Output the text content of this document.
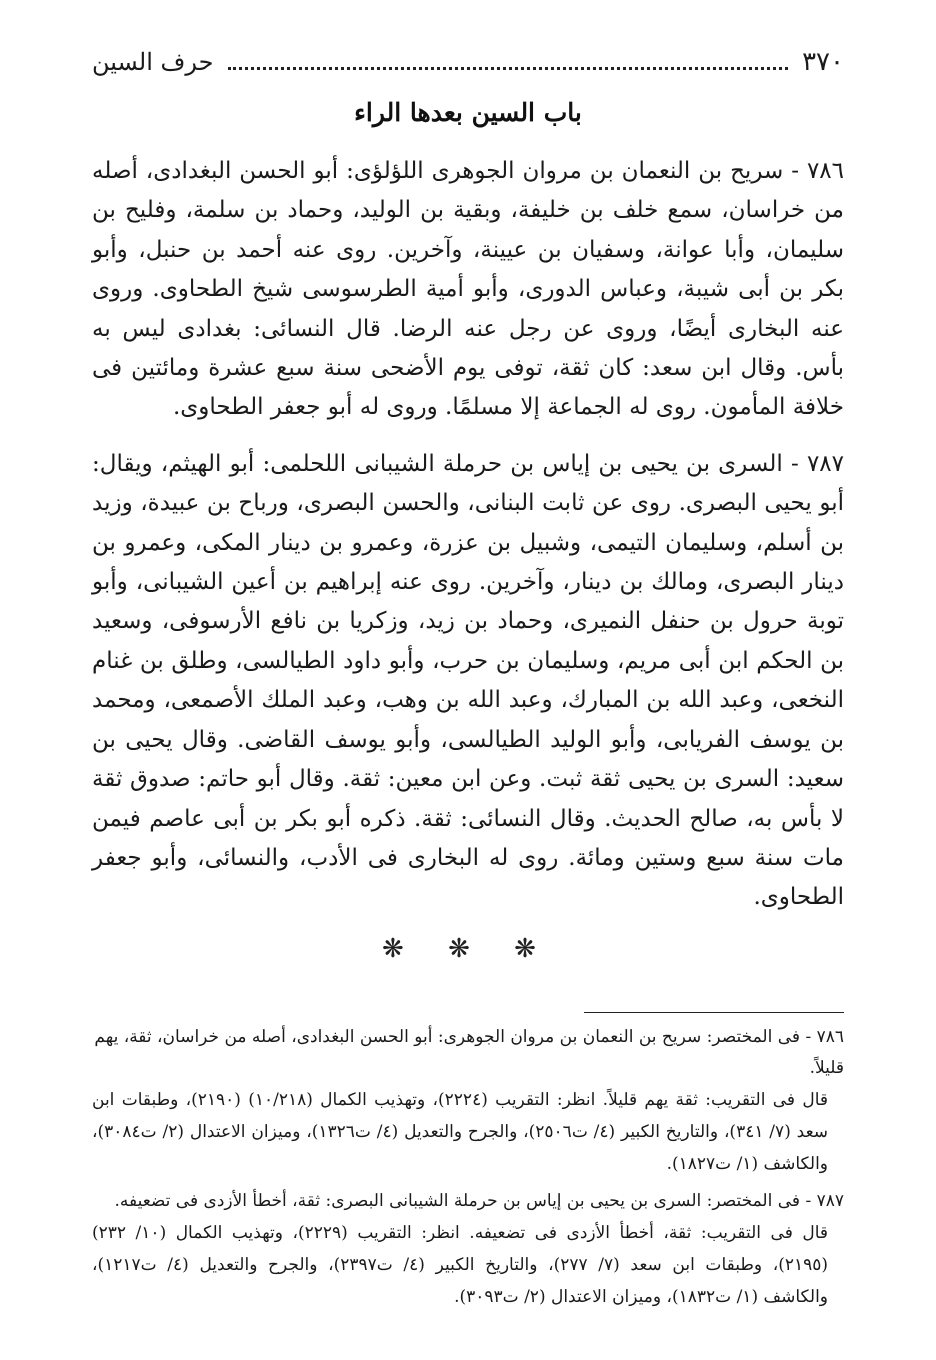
٣٧٠
حرف السين
باب السين بعدها الراء

٧٨٦ - سريح بن النعمان بن مروان الجوهرى اللؤلؤى: أبو الحسن البغدادى، أصله من خراسان، سمع خلف بن خليفة، وبقية بن الوليد، وحماد بن سلمة، وفليح بن سليمان، وأبا عوانة، وسفيان بن عيينة، وآخرين. روى عنه أحمد بن حنبل، وأبو بكر بن أبى شيبة، وعباس الدورى، وأبو أمية الطرسوسى شيخ الطحاوى. وروى عنه البخارى أيضًا، وروى عن رجل عنه الرضا. قال النسائى: بغدادى ليس به بأس. وقال ابن سعد: كان ثقة، توفى يوم الأضحى سنة سبع عشرة ومائتين فى خلافة المأمون. روى له الجماعة إلا مسلمًا. وروى له أبو جعفر الطحاوى.

٧٨٧ - السرى بن يحيى بن إياس بن حرملة الشيبانى اللحلمى: أبو الهيثم، ويقال: أبو يحيى البصرى. روى عن ثابت البنانى، والحسن البصرى، ورباح بن عبيدة، وزيد بن أسلم، وسليمان التيمى، وشبيل بن عزرة، وعمرو بن دينار المكى، وعمرو بن دينار البصرى، ومالك بن دينار، وآخرين. روى عنه إبراهيم بن أعين الشيبانى، وأبو توبة حرول بن حنفل النميرى، وحماد بن زيد، وزكريا بن نافع الأرسوفى، وسعيد بن الحكم ابن أبى مريم، وسليمان بن حرب، وأبو داود الطيالسى، وطلق بن غنام النخعى، وعبد الله بن المبارك، وعبد الله بن وهب، وعبد الملك الأصمعى، ومحمد بن يوسف الفريابى، وأبو الوليد الطيالسى، وأبو يوسف القاضى. وقال يحيى بن سعيد: السرى بن يحيى ثقة ثبت. وعن ابن معين: ثقة. وقال أبو حاتم: صدوق ثقة لا بأس به، صالح الحديث. وقال النسائى: ثقة. ذكره أبو بكر بن أبى عاصم فيمن مات سنة سبع وستين ومائة. روى له البخارى فى الأدب، والنسائى، وأبو جعفر الطحاوى.

❋ ❋ ❋

٧٨٦ - فى المختصر: سريح بن النعمان بن مروان الجوهرى: أبو الحسن البغدادى، أصله من خراسان، ثقة، يهم قليلاً.

قال فى التقريب: ثقة يهم قليلاً. انظر: التقريب (٢٢٢٤)، وتهذيب الكمال (١٠/٢١٨) (٢١٩٠)، وطبقات ابن سعد (٧/ ٣٤١)، والتاريخ الكبير (٤/ ت٢٥٠٦)، والجرح والتعديل (٤/ ت١٣٢٦)، وميزان الاعتدال (٢/ ت٣٠٨٤)، والكاشف (١/ ت١٨٢٧).

٧٨٧ - فى المختصر: السرى بن يحيى بن إياس بن حرملة الشيبانى البصرى: ثقة، أخطأ الأزدى فى تضعيفه.

قال فى التقريب: ثقة، أخطأ الأزدى فى تضعيفه. انظر: التقريب (٢٢٢٩)، وتهذيب الكمال (١٠/ ٢٣٢) (٢١٩٥)، وطبقات ابن سعد (٧/ ٢٧٧)، والتاريخ الكبير (٤/ ت٢٣٩٧)، والجرح والتعديل (٤/ ت١٢١٧)، والكاشف (١/ ت١٨٣٢)، وميزان الاعتدال (٢/ ت٣٠٩٣).
